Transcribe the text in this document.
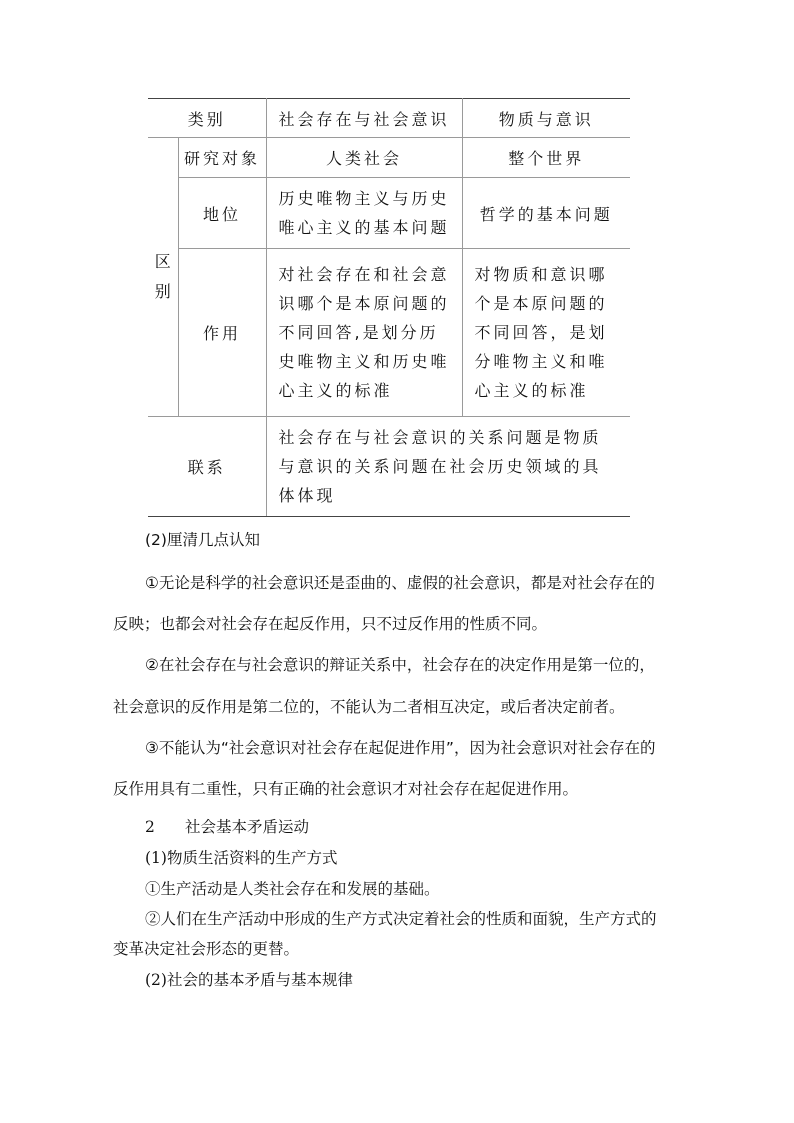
类别		社会存在与社会意识	物质与意识
区别	研究对象	人类社会	整个世界
	地位	历史唯物主义与历史唯心主义的基本问题	哲学的基本问题
	作用	对社会存在和社会意识哪个是本原问题的不同回答,是划分历史唯物主义和历史唯心主义的标准	对物质和意识哪个是本原问题的不同回答，是划分唯物主义和唯心主义的标准

联系		社会存在与社会意识的关系问题是物质与意识的关系问题在社会历史领域的具体体现	

(2)厘清几点认知

①无论是科学的社会意识还是歪曲的、虚假的社会意识，都是对社会存在的

反映；也都会对社会存在起反作用，只不过反作用的性质不同。

②在社会存在与社会意识的辩证关系中，社会存在的决定作用是第一位的，

社会意识的反作用是第二位的，不能认为二者相互决定，或后者决定前者。

③不能认为“社会意识对社会存在起促进作用”，因为社会意识对社会存在的

反作用具有二重性，只有正确的社会意识才对社会存在起促进作用。

2 社会基本矛盾运动

(1)物质生活资料的生产方式

①生产活动是人类社会存在和发展的基础。

②人们在生产活动中形成的生产方式决定着社会的性质和面貌，生产方式的

变革决定社会形态的更替。

(2)社会的基本矛盾与基本规律
